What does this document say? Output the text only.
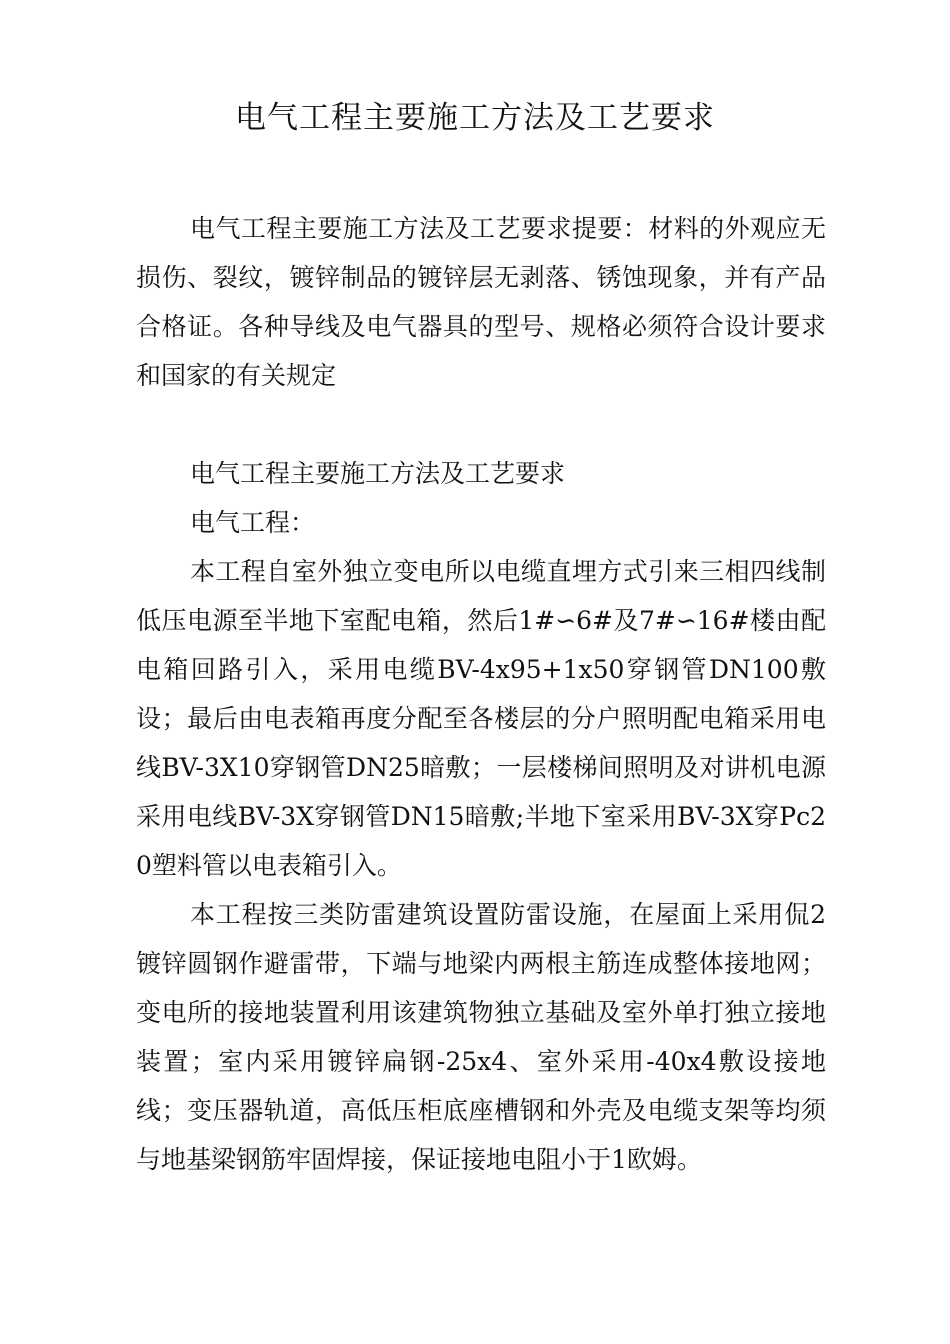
电气工程主要施工方法及工艺要求

电气工程主要施工方法及工艺要求提要：材料的外观应无损伤、裂纹，镀锌制品的镀锌层无剥落、锈蚀现象，并有产品合格证。各种导线及电气器具的型号、规格必须符合设计要求和国家的有关规定

电气工程主要施工方法及工艺要求

电气工程：

本工程自室外独立变电所以电缆直埋方式引来三相四线制低压电源至半地下室配电箱，然后1#∽6#及7#∽16#楼由配电箱回路引入，采用电缆BV-4x95+1x50穿钢管DN100敷设；最后由电表箱再度分配至各楼层的分户照明配电箱采用电线BV-3X10穿钢管DN25暗敷；一层楼梯间照明及对讲机电源采用电线BV-3X穿钢管DN15暗敷;半地下室采用BV-3X穿Pc20塑料管以电表箱引入。

本工程按三类防雷建筑设置防雷设施，在屋面上采用侃2镀锌圆钢作避雷带，下端与地梁内两根主筋连成整体接地网；变电所的接地装置利用该建筑物独立基础及室外单打独立接地装置；室内采用镀锌扁钢-25x4、室外采用-40x4敷设接地线；变压器轨道，高低压柜底座槽钢和外壳及电缆支架等均须与地基梁钢筋牢固焊接，保证接地电阻小于1欧姆。
